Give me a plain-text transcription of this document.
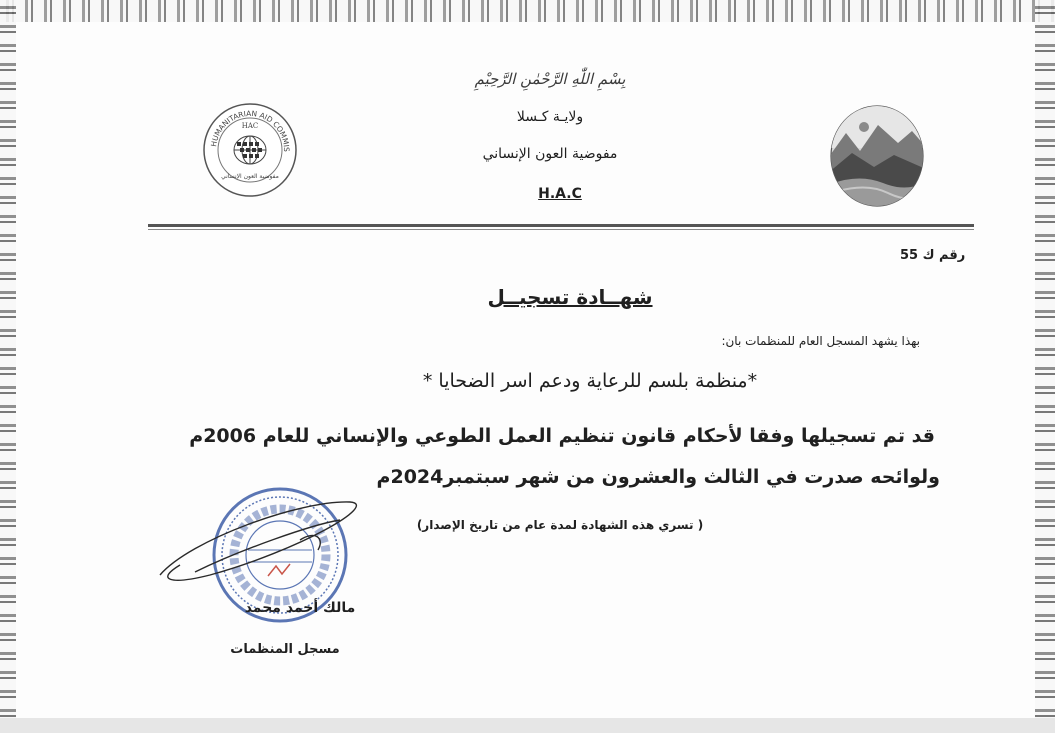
HUMANITARIAN AID COMMIS
HAC
مفوضية العون الإنساني
بِسْمِ اللّٰهِ الرَّحْمٰنِ الرَّحِيْمِ
ولايـة كـسلا
مفوضية العون الإنساني
H.A.C
رقم ك 55
شهــادة تسجيــل
بهذا يشهد المسجل العام للمنظمات بان:
*منظمة بلسم للرعاية ودعم اسر الضحايا *
قد تم تسجيلها وفقا لأحكام قانون تنظيم العمل الطوعي والإنساني للعام 2006م
ولوائحه صدرت في الثالث والعشرون من شهر سبتمبر2024م
( تسري هذه الشهادة لمدة عام من تاريخ الإصدار)
مالك أحمد محمد
مسجل المنظمات
